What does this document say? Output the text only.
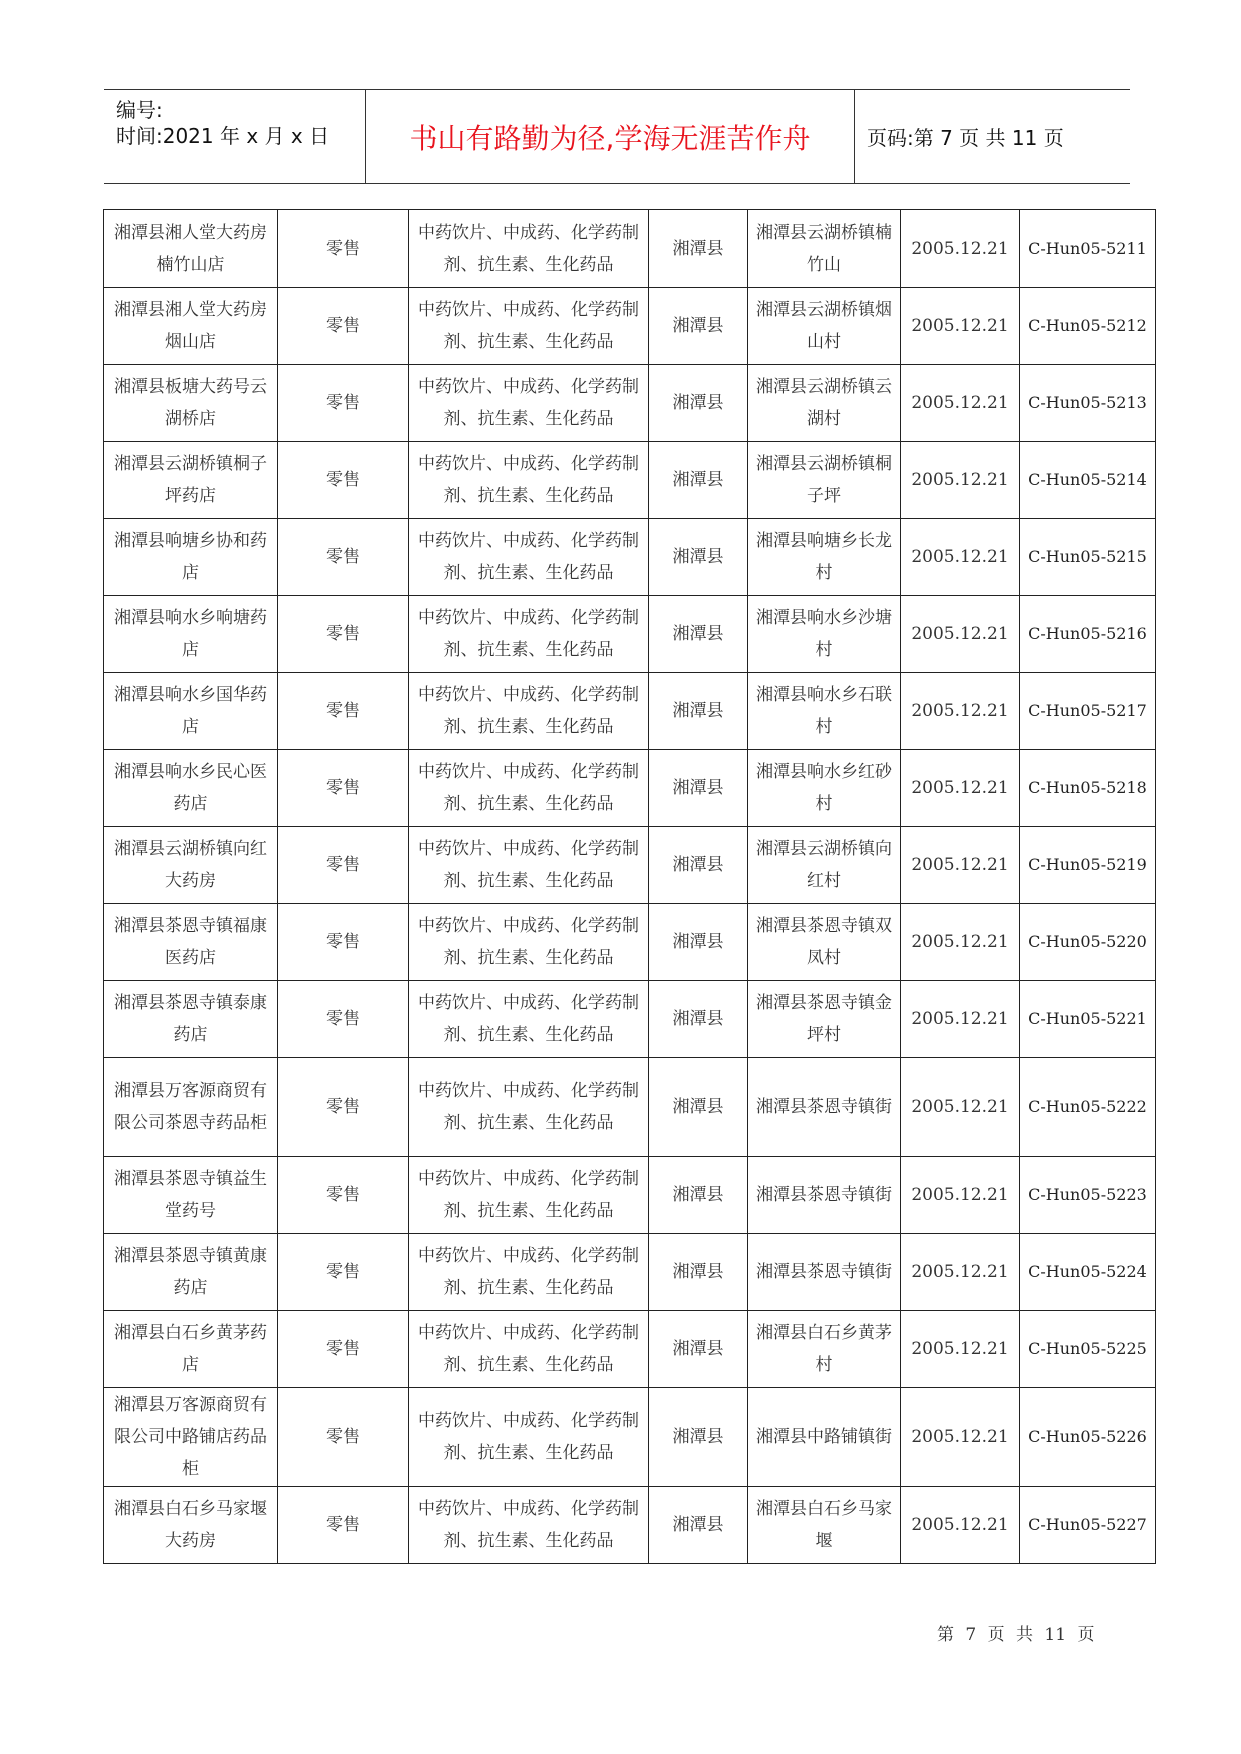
编号:
时间:2021 年 x 月 x 日	书山有路勤为径,学海无涯苦作舟	页码:第 7 页 共 11 页
湘潭县湘人堂大药房楠竹山店	零售	中药饮片、中成药、化学药制剂、抗生素、生化药品	湘潭县	湘潭县云湖桥镇楠竹山	2005.12.21	C-Hun05-5211
湘潭县湘人堂大药房烟山店	零售	中药饮片、中成药、化学药制剂、抗生素、生化药品	湘潭县	湘潭县云湖桥镇烟山村	2005.12.21	C-Hun05-5212
湘潭县板塘大药号云湖桥店	零售	中药饮片、中成药、化学药制剂、抗生素、生化药品	湘潭县	湘潭县云湖桥镇云湖村	2005.12.21	C-Hun05-5213
湘潭县云湖桥镇桐子坪药店	零售	中药饮片、中成药、化学药制剂、抗生素、生化药品	湘潭县	湘潭县云湖桥镇桐子坪	2005.12.21	C-Hun05-5214
湘潭县响塘乡协和药店	零售	中药饮片、中成药、化学药制剂、抗生素、生化药品	湘潭县	湘潭县响塘乡长龙村	2005.12.21	C-Hun05-5215
湘潭县响水乡响塘药店	零售	中药饮片、中成药、化学药制剂、抗生素、生化药品	湘潭县	湘潭县响水乡沙塘村	2005.12.21	C-Hun05-5216
湘潭县响水乡国华药店	零售	中药饮片、中成药、化学药制剂、抗生素、生化药品	湘潭县	湘潭县响水乡石联村	2005.12.21	C-Hun05-5217
湘潭县响水乡民心医药店	零售	中药饮片、中成药、化学药制剂、抗生素、生化药品	湘潭县	湘潭县响水乡红砂村	2005.12.21	C-Hun05-5218
湘潭县云湖桥镇向红大药房	零售	中药饮片、中成药、化学药制剂、抗生素、生化药品	湘潭县	湘潭县云湖桥镇向红村	2005.12.21	C-Hun05-5219
湘潭县茶恩寺镇福康医药店	零售	中药饮片、中成药、化学药制剂、抗生素、生化药品	湘潭县	湘潭县茶恩寺镇双凤村	2005.12.21	C-Hun05-5220
湘潭县茶恩寺镇泰康药店	零售	中药饮片、中成药、化学药制剂、抗生素、生化药品	湘潭县	湘潭县茶恩寺镇金坪村	2005.12.21	C-Hun05-5221
湘潭县万客源商贸有限公司茶恩寺药品柜	零售	中药饮片、中成药、化学药制剂、抗生素、生化药品	湘潭县	湘潭县茶恩寺镇街	2005.12.21	C-Hun05-5222
湘潭县茶恩寺镇益生堂药号	零售	中药饮片、中成药、化学药制剂、抗生素、生化药品	湘潭县	湘潭县茶恩寺镇街	2005.12.21	C-Hun05-5223
湘潭县茶恩寺镇黄康药店	零售	中药饮片、中成药、化学药制剂、抗生素、生化药品	湘潭县	湘潭县茶恩寺镇街	2005.12.21	C-Hun05-5224
湘潭县白石乡黄茅药店	零售	中药饮片、中成药、化学药制剂、抗生素、生化药品	湘潭县	湘潭县白石乡黄茅村	2005.12.21	C-Hun05-5225
湘潭县万客源商贸有限公司中路铺店药品柜	零售	中药饮片、中成药、化学药制剂、抗生素、生化药品	湘潭县	湘潭县中路铺镇街	2005.12.21	C-Hun05-5226
湘潭县白石乡马家堰大药房	零售	中药饮片、中成药、化学药制剂、抗生素、生化药品	湘潭县	湘潭县白石乡马家堰	2005.12.21	C-Hun05-5227
第 7 页 共 11 页
